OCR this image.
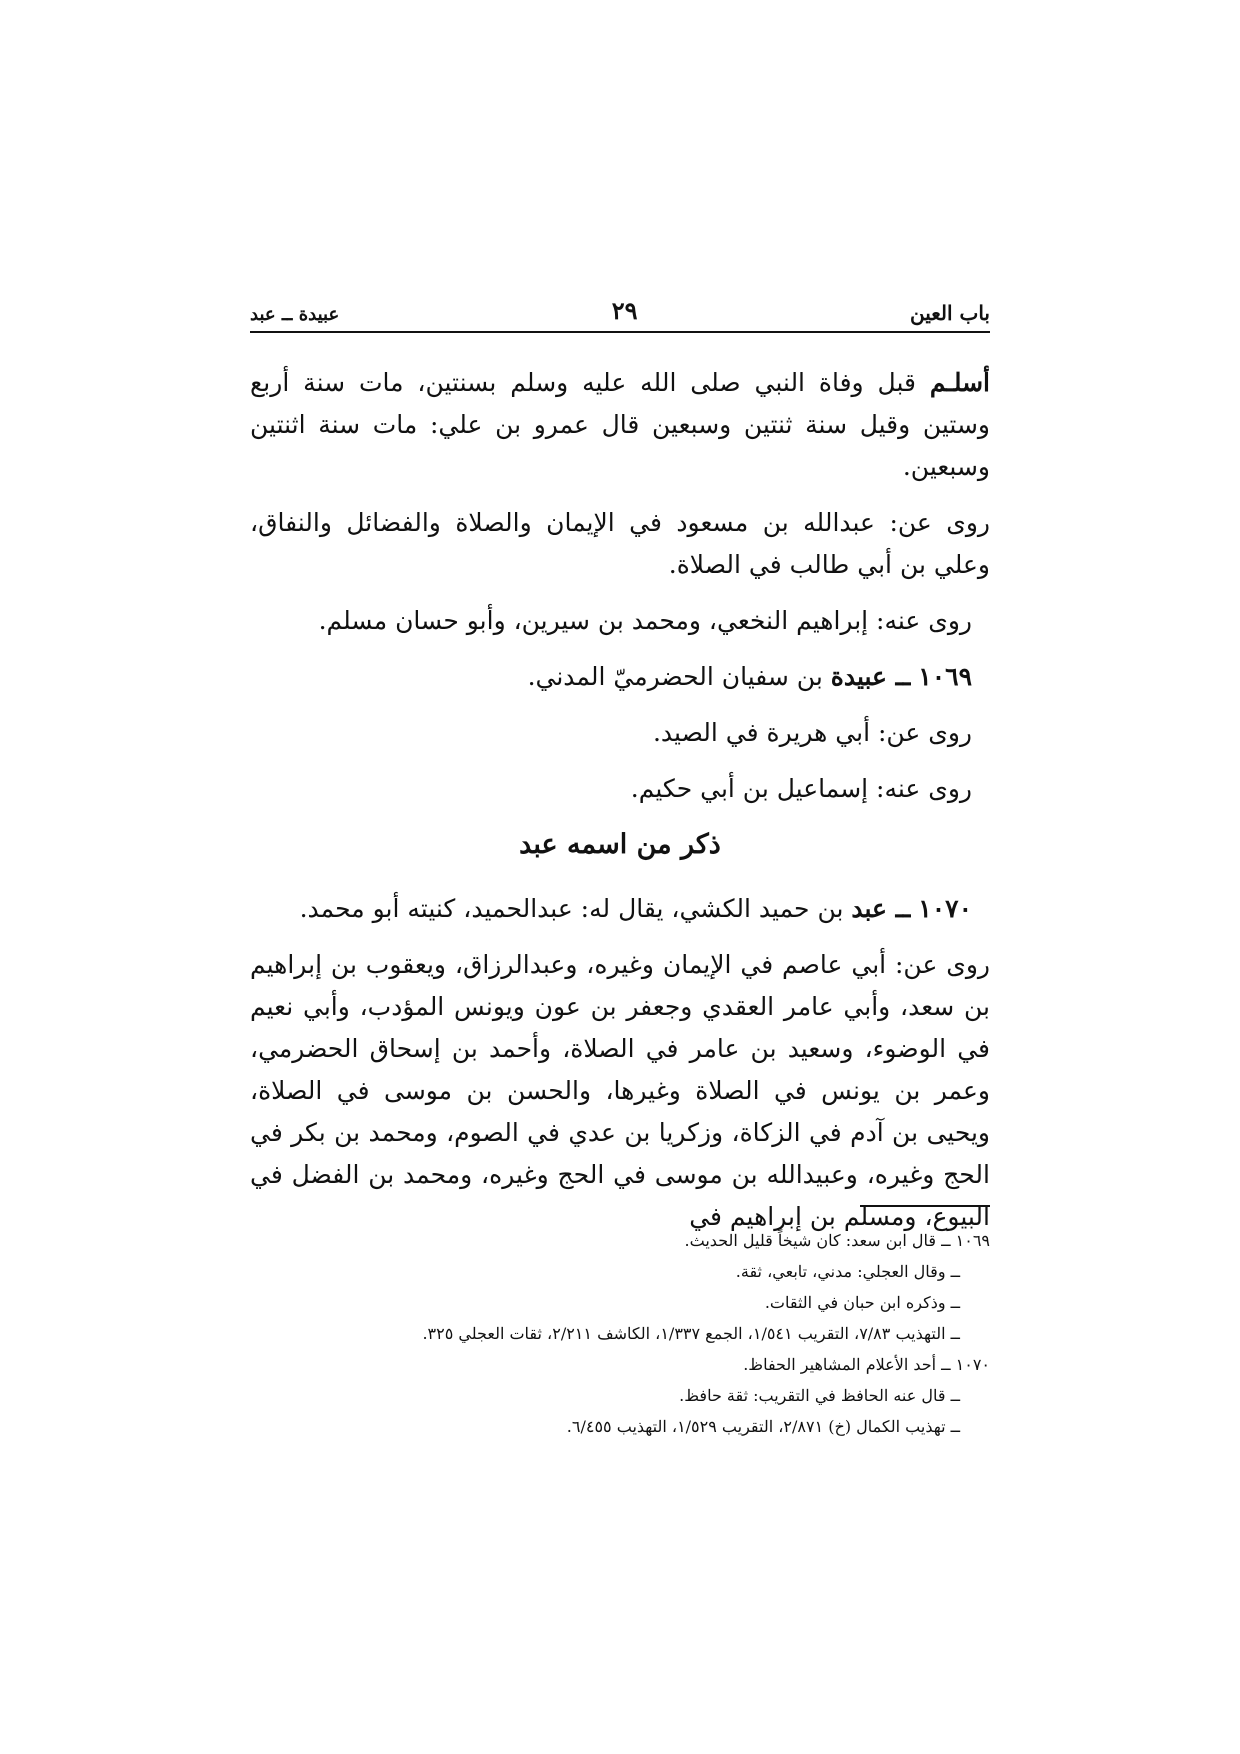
باب العين
٢٩
عبيدة ــ عبد

أسلـم قبل وفاة النبي صلى الله عليه وسلم بسنتين، مات سنة أربع وستين وقيل سنة ثنتين وسبعين قال عمرو بن علي: مات سنة اثنتين وسبعين.

روى عن: عبدالله بن مسعود في الإيمان والصلاة والفضائل والنفاق، وعلي بن أبي طالب في الصلاة.

روى عنه: إبراهيم النخعي، ومحمد بن سيرين، وأبو حسان مسلم.

١٠٦٩ ــ عبيدة بن سفيان الحضرميّ المدني.

روى عن: أبي هريرة في الصيد.

روى عنه: إسماعيل بن أبي حكيم.

ذكر من اسمه عبد

١٠٧٠ ــ عبد بن حميد الكشي، يقال له: عبدالحميد، كنيته أبو محمد.

روى عن: أبي عاصم في الإيمان وغيره، وعبدالرزاق، ويعقوب بن إبراهيم بن سعد، وأبي عامر العقدي وجعفر بن عون ويونس المؤدب، وأبي نعيم في الوضوء، وسعيد بن عامر في الصلاة، وأحمد بن إسحاق الحضرمي، وعمر بن يونس في الصلاة وغيرها، والحسن بن موسى في الصلاة، ويحيى بن آدم في الزكاة، وزكريا بن عدي في الصوم، ومحمد بن بكر في الحج وغيره، وعبيدالله بن موسى في الحج وغيره، ومحمد بن الفضل في البيوع، ومسلم بن إبراهيم في

١٠٦٩ ــ قال ابن سعد: كان شيخاً قليل الحديث.

ــ وقال العجلي: مدني، تابعي، ثقة.

ــ وذكره ابن حبان في الثقات.

ــ التهذيب ٧/٨٣، التقريب ١/٥٤١، الجمع ١/٣٣٧، الكاشف ٢/٢١١، ثقات العجلي ٣٢٥.

١٠٧٠ ــ أحد الأعلام المشاهير الحفاظ.

ــ قال عنه الحافظ في التقريب: ثقة حافظ.

ــ تهذيب الكمال (خ) ٢/٨٧١، التقريب ١/٥٢٩، التهذيب ٦/٤٥٥.
